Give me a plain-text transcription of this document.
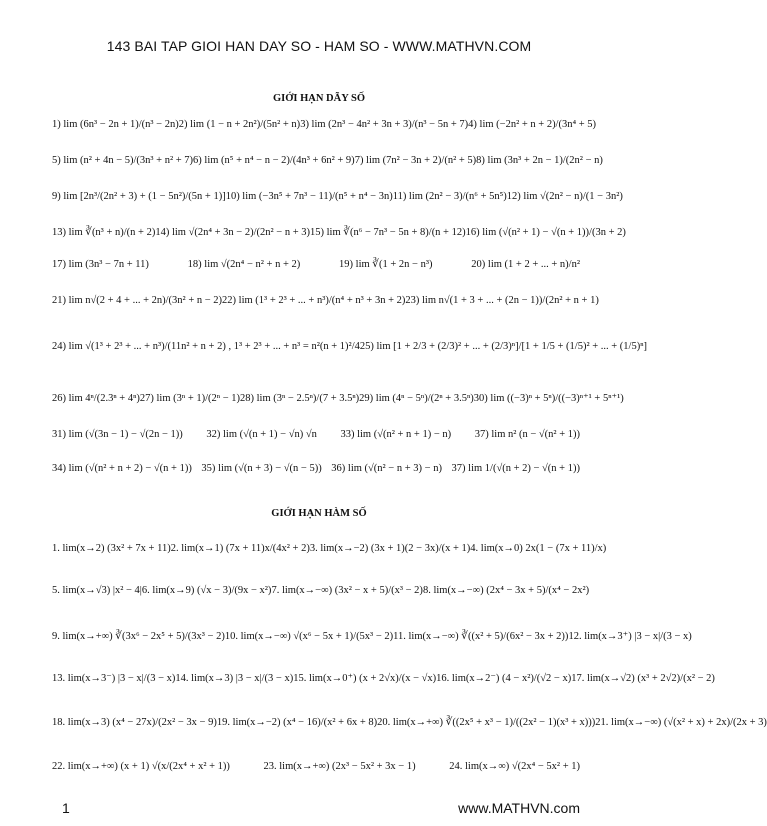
143 BAI TAP GIOI HAN DAY SO - HAM SO - WWW.MATHVN.COM
GIỚI HẠN DÃY SỐ
GIỚI HẠN HÀM SỐ
1) lim (6n³ − 2n + 1)/(n³ − 2n) 2) lim (1 − n + 2n²)/(5n² + n) 3) lim (2n³ − 4n² + 3n + 3)/(n³ − 5n + 7) 4) lim (−2n² + n + 2)/(3n⁴ + 5)
5) lim (n² + 4n − 5)/(3n³ + n² + 7) 6) lim (n⁵ + n⁴ − n − 2)/(4n³ + 6n² + 9) 7) lim (7n² − 3n + 2)/(n² + 5) 8) lim (3n³ + 2n − 1)/(2n² − n)
9) lim [2n³/(2n² + 3) + (1 − 5n²)/(5n + 1)] 10) lim (−3n⁵ + 7n³ − 11)/(n⁵ + n⁴ − 3n) 11) lim (2n² − 3)/(n⁶ + 5n⁵) 12) lim √(2n² − n)/(1 − 3n²)
13) lim ∛(n³ + n)/(n + 2) 14) lim √(2n⁴ + 3n − 2)/(2n² − n + 3) 15) lim ∛(n⁶ − 7n³ − 5n + 8)/(n + 12) 16) lim (√(n² + 1) − √(n + 1))/(3n + 2)
17) lim (3n³ − 7n + 11)	18) lim √(2n⁴ − n² + n + 2)	19) lim ∛(1 + 2n − n³)	20) lim (1 + 2 + ... + n)/n²
21) lim n√(2 + 4 + ... + 2n)/(3n² + n − 2) 22) lim (1³ + 2³ + ... + n³)/(n⁴ + n³ + 3n + 2) 23) lim n√(1 + 3 + ... + (2n − 1))/(2n² + n + 1)
24) lim √(1³ + 2³ + ... + n³)/(11n² + n + 2) , 1³ + 2³ + ... + n³ = n²(n + 1)²/4 25) lim [1 + 2/3 + (2/3)² + ... + (2/3)ⁿ]/[1 + 1/5 + (1/5)² + ... + (1/5)ⁿ]
26) lim 4ⁿ/(2.3ⁿ + 4ⁿ) 27) lim (3ⁿ + 1)/(2ⁿ − 1) 28) lim (3ⁿ − 2.5ⁿ)/(7 + 3.5ⁿ) 29) lim (4ⁿ − 5ⁿ)/(2ⁿ + 3.5ⁿ) 30) lim ((−3)ⁿ + 5ⁿ)/((−3)ⁿ⁺¹ + 5ⁿ⁺¹)
31) lim (√(3n − 1) − √(2n − 1)) 32) lim (√(n + 1) − √n) √n 33) lim (√(n² + n + 1) − n) 37) lim n² (n − √(n² + 1))
34) lim (√(n² + n + 2) − √(n + 1)) 35) lim (√(n + 3) − √(n − 5)) 36) lim (√(n² − n + 3) − n) 37) lim 1/(√(n + 2) − √(n + 1))
1. lim(x→2) (3x² + 7x + 11) 2. lim(x→1) (7x + 11)x/(4x² + 2) 3. lim(x→−2) (3x + 1)(2 − 3x)/(x + 1) 4. lim(x→0) 2x(1 − (7x + 11)/x)
5. lim(x→√3) |x² − 4| 6. lim(x→9) (√x − 3)/(9x − x²) 7. lim(x→−∞) (3x² − x + 5)/(x³ − 2) 8. lim(x→−∞) (2x⁴ − 3x + 5)/(x⁴ − 2x²)
9. lim(x→+∞) ∛(3x⁶ − 2x⁵ + 5)/(3x³ − 2) 10. lim(x→−∞) √(x⁶ − 5x + 1)/(5x³ − 2) 11. lim(x→−∞) ∛((x² + 5)/(6x² − 3x + 2)) 12. lim(x→3⁺) |3 − x|/(3 − x)
13. lim(x→3⁻) |3 − x|/(3 − x) 14. lim(x→3) |3 − x|/(3 − x) 15. lim(x→0⁺) (x + 2√x)/(x − √x) 16. lim(x→2⁻) (4 − x²)/(√2 − x) 17. lim(x→√2) (x³ + 2√2)/(x² − 2)
18. lim(x→3) (x⁴ − 27x)/(2x² − 3x − 9) 19. lim(x→−2) (x⁴ − 16)/(x² + 6x + 8) 20. lim(x→+∞) ∛((2x⁵ + x³ − 1)/((2x² − 1)(x³ + x))) 21. lim(x→−∞) (√(x² + x) + 2x)/(2x + 3)
22. lim(x→+∞) (x + 1) √(x/(2x⁴ + x² + 1))	23. lim(x→+∞) (2x³ − 5x² + 3x − 1)	24. lim(x→∞) √(2x⁴ − 5x² + 1)
1	www.MATHVN.com
